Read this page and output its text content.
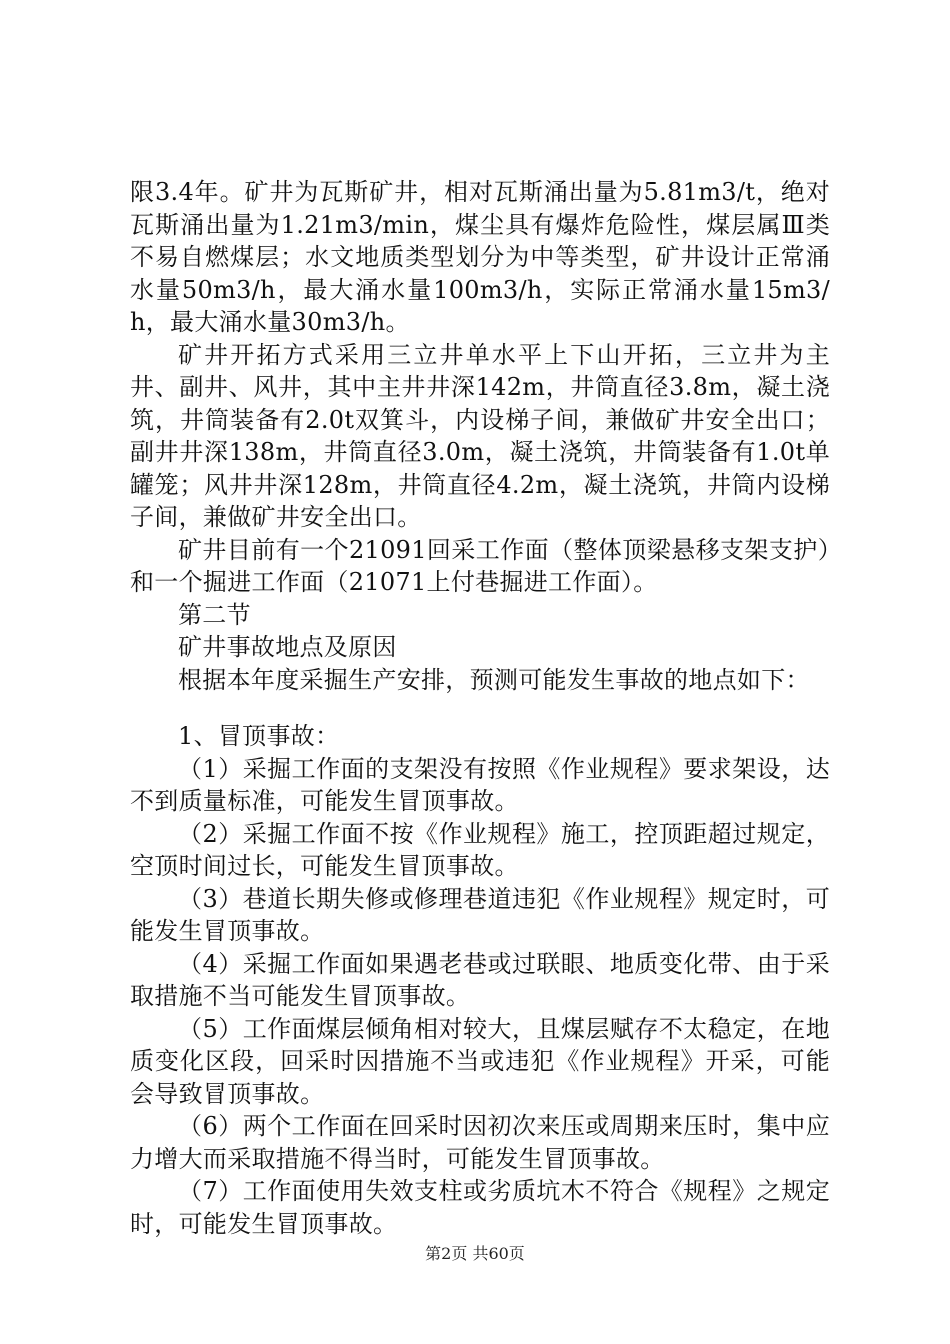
限3.4年。矿井为瓦斯矿井，相对瓦斯涌出量为5.81m3/t，绝对瓦斯涌出量为1.21m3/min，煤尘具有爆炸危险性，煤层属Ⅲ类不易自燃煤层；水文地质类型划分为中等类型，矿井设计正常涌水量50m3/h，最大涌水量100m3/h，实际正常涌水量15m3/h，最大涌水量30m3/h。

矿井开拓方式采用三立井单水平上下山开拓，三立井为主井、副井、风井，其中主井井深142m，井筒直径3.8m，凝土浇筑，井筒装备有2.0t双箕斗，内设梯子间，兼做矿井安全出口；副井井深138m，井筒直径3.0m，凝土浇筑，井筒装备有1.0t单罐笼；风井井深128m，井筒直径4.2m，凝土浇筑，井筒内设梯子间，兼做矿井安全出口。

矿井目前有一个21091回采工作面（整体顶梁悬移支架支护）和一个掘进工作面（21071上付巷掘进工作面）。

第二节

矿井事故地点及原因

根据本年度采掘生产安排，预测可能发生事故的地点如下：

1、冒顶事故：

（1）采掘工作面的支架没有按照《作业规程》要求架设，达不到质量标准，可能发生冒顶事故。

（2）采掘工作面不按《作业规程》施工，控顶距超过规定，空顶时间过长，可能发生冒顶事故。

（3）巷道长期失修或修理巷道违犯《作业规程》规定时，可能发生冒顶事故。

（4）采掘工作面如果遇老巷或过联眼、地质变化带、由于采取措施不当可能发生冒顶事故。

（5）工作面煤层倾角相对较大，且煤层赋存不太稳定，在地质变化区段，回采时因措施不当或违犯《作业规程》开采，可能会导致冒顶事故。

（6）两个工作面在回采时因初次来压或周期来压时，集中应力增大而采取措施不得当时，可能发生冒顶事故。

（7）工作面使用失效支柱或劣质坑木不符合《规程》之规定时，可能发生冒顶事故。

第2页 共60页
